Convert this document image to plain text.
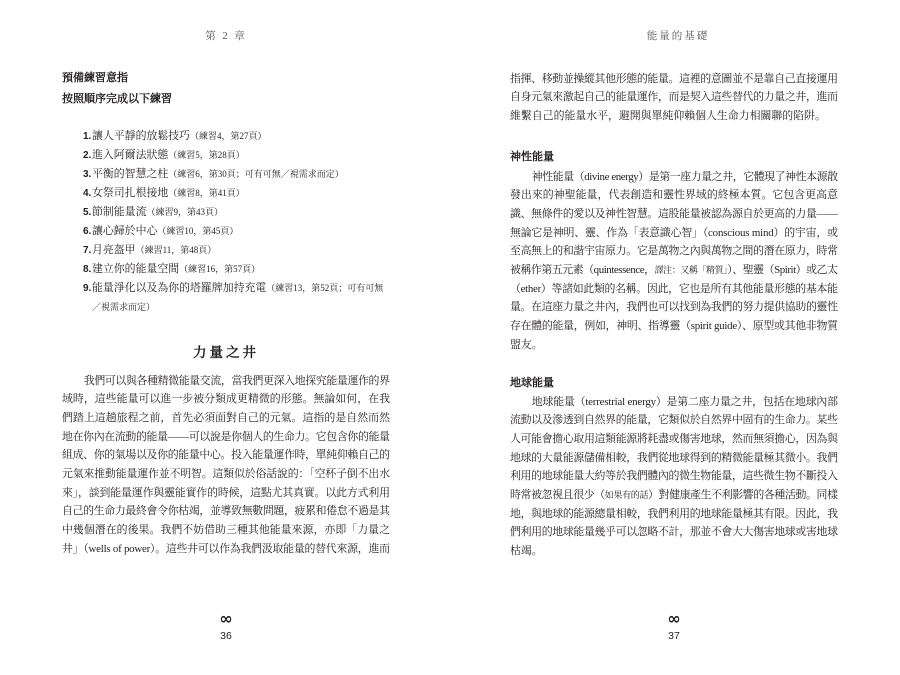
第 2 章
預備練習意指
按照順序完成以下練習
1.讓人平靜的放鬆技巧（練習4，第27頁）
2.進入阿爾法狀態（練習5，第28頁）
3.平衡的智慧之柱（練習6，第30頁；可有可無／視需求而定）
4.女祭司扎根接地（練習8，第41頁）
5.節制能量流（練習9，第43頁）
6.讓心歸於中心（練習10，第45頁）
7.月亮盔甲（練習11，第48頁）
8.建立你的能量空間（練習16，第57頁）
9.能量淨化以及為你的塔羅牌加持充電（練習13，第52頁；可有可無
／視需求而定）
力量之井
我們可以與各種精微能量交流，當我們更深入地探究能量運作的界
域時，這些能量可以進一步被分類成更精微的形態。無論如何，在我
們踏上這趟旅程之前，首先必須面對自己的元氣。這指的是自然而然
地在你內在流動的能量——可以說是你個人的生命力。它包含你的能量
組成、你的氣場以及你的能量中心。投入能量運作時，單純仰賴自己的
元氣來推動能量運作並不明智。這類似於俗話說的：「空杯子倒不出水
來」，談到能量運作與靈能實作的時候，這點尤其真實。以此方式利用
自己的生命力最終會令你枯竭，並導致無數問題，疲累和倦怠不過是其
中幾個潛在的後果。我們不妨借助三種其他能量來源，亦即「力量之
井」（wells of power）。這些井可以作為我們汲取能量的替代來源，進而
∞
36
能量的基礎
指揮、移動並操縱其他形態的能量。這裡的意圖並不是靠自己直接運用
自身元氣來激起自己的能量運作，而是契入這些替代的力量之井，進而
維繫自己的能量水平，避開與單純仰賴個人生命力相關聯的陷阱。
神性能量
神性能量（divine energy）是第一座力量之井，它體現了神性本源散
發出來的神聖能量，代表創造和靈性界域的終極本質。它包含更高意
識、無條件的愛以及神性智慧。這股能量被認為源自於更高的力量——
無論它是神明、靈、作為「表意識心智」（conscious mind）的宇宙，或
至高無上的和諧宇宙原力。它是萬物之內與萬物之間的潛在原力，時常
被稱作第五元素（quintessence，譯注：又稱「精質」）、聖靈（Spirit）或乙太
（ether）等諸如此類的名稱。因此，它也是所有其他能量形態的基本能
量。在這座力量之井內，我們也可以找到為我們的努力提供協助的靈性
存在體的能量，例如，神明、指導靈（spirit guide）、原型或其他非物質
盟友。
地球能量
地球能量（terrestrial energy）是第二座力量之井，包括在地球內部
流動以及滲透到自然界的能量，它類似於自然界中固有的生命力。某些
人可能會擔心取用這類能源將耗盡或傷害地球，然而無須擔心，因為與
地球的大量能源儲備相較，我們從地球得到的精微能量極其微小。我們
利用的地球能量大約等於我們體內的微生物能量，這些微生物不斷投入
時常被忽視且很少（如果有的話）對健康產生不利影響的各種活動。同樣
地，與地球的能源總量相較，我們利用的地球能量極其有限。因此，我
們利用的地球能量幾乎可以忽略不計，那並不會大大傷害地球或害地球
枯竭。
∞
37
